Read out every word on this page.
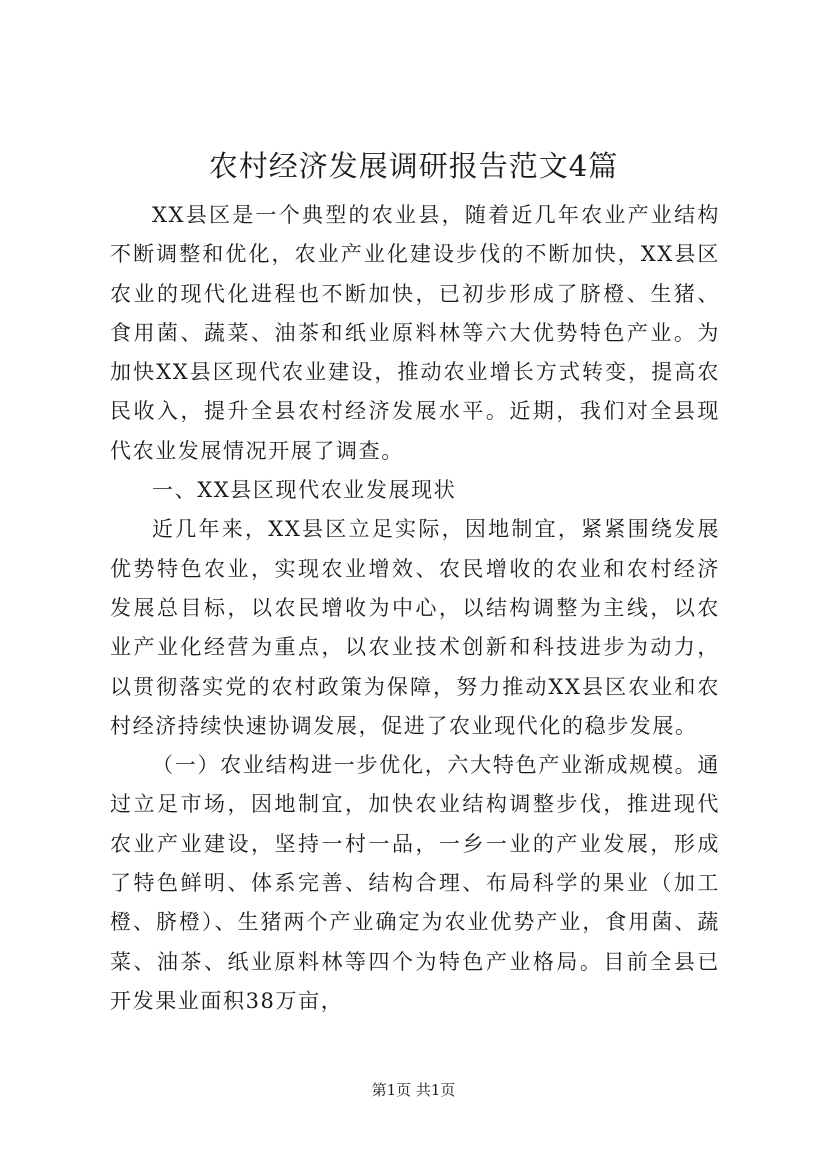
农村经济发展调研报告范文4篇

XX县区是一个典型的农业县，随着近几年农业产业结构不断调整和优化，农业产业化建设步伐的不断加快，XX县区农业的现代化进程也不断加快，已初步形成了脐橙、生猪、食用菌、蔬菜、油茶和纸业原料林等六大优势特色产业。为加快XX县区现代农业建设，推动农业增长方式转变，提高农民收入，提升全县农村经济发展水平。近期，我们对全县现代农业发展情况开展了调查。

一、XX县区现代农业发展现状

近几年来，XX县区立足实际，因地制宜，紧紧围绕发展优势特色农业，实现农业增效、农民增收的农业和农村经济发展总目标，以农民增收为中心，以结构调整为主线，以农业产业化经营为重点，以农业技术创新和科技进步为动力，以贯彻落实党的农村政策为保障，努力推动XX县区农业和农村经济持续快速协调发展，促进了农业现代化的稳步发展。

（一）农业结构进一步优化，六大特色产业渐成规模。通过立足市场，因地制宜，加快农业结构调整步伐，推进现代农业产业建设，坚持一村一品，一乡一业的产业发展，形成了特色鲜明、体系完善、结构合理、布局科学的果业（加工橙、脐橙）、生猪两个产业确定为农业优势产业，食用菌、蔬菜、油茶、纸业原料林等四个为特色产业格局。目前全县已开发果业面积38万亩，

第1页 共1页
